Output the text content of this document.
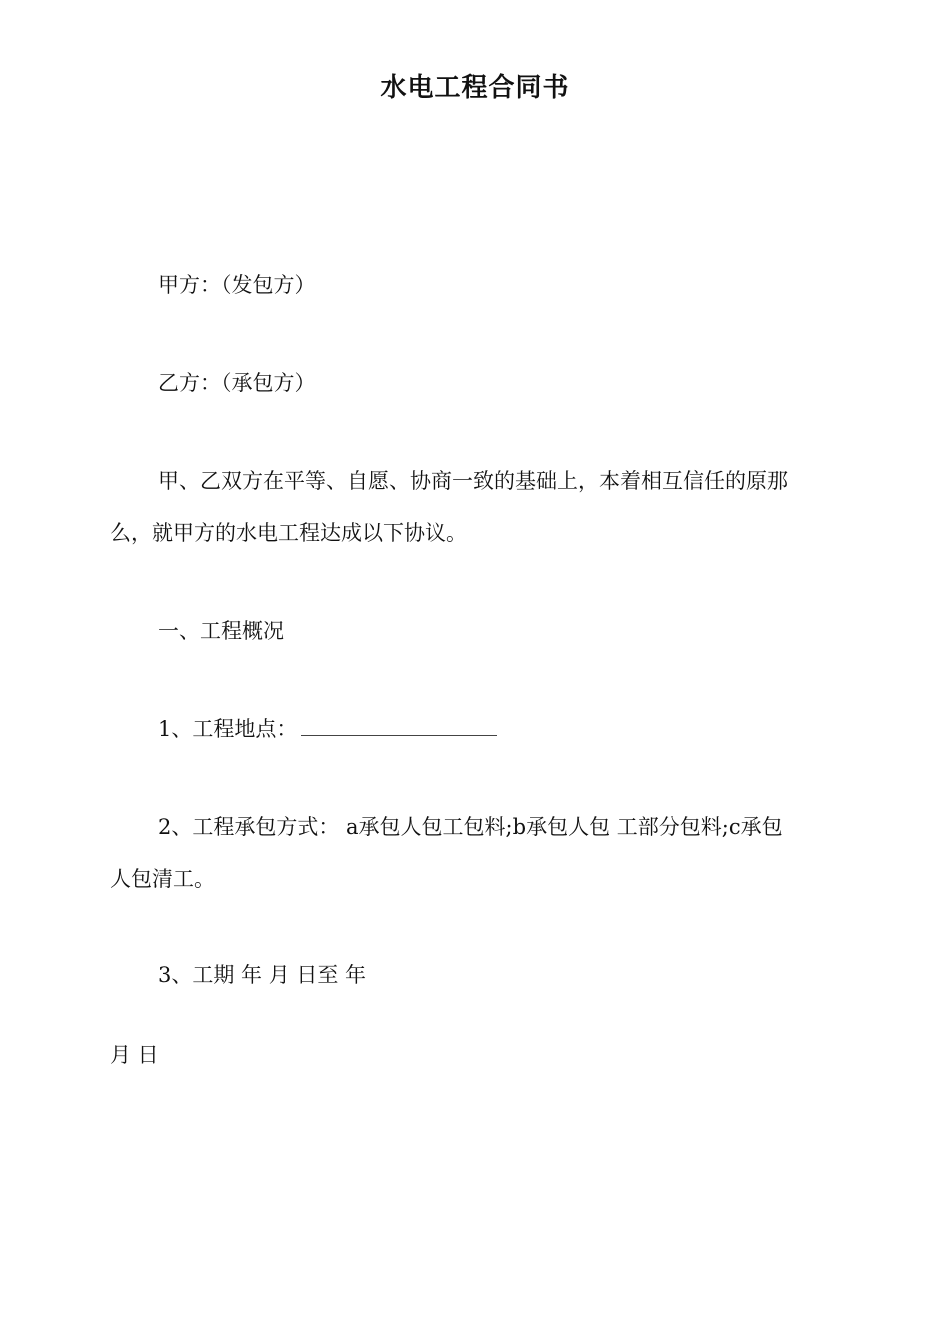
水电工程合同书
甲方：（发包方）
乙方：（承包方）
甲、乙双方在平等、自愿、协商一致的基础上，本着相互信任的原那
么，就甲方的水电工程达成以下协议。
一、工程概况
1、工程地点：
2、工程承包方式： a承包人包工包料;b承包人包 工部分包料;c承包
人包清工。
3、工期 年 月 日至 年
月 日
